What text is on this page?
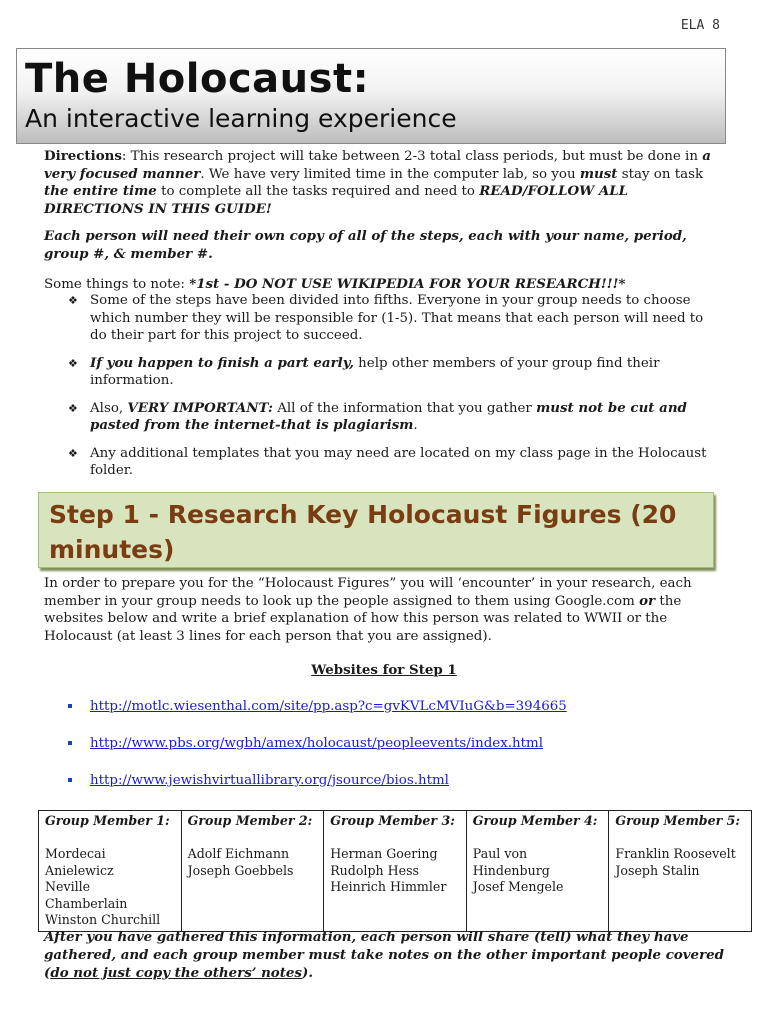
ELA 8
The Holocaust:
An interactive learning experience

Directions: This research project will take between 2-3 total class periods, but must be done in a very focused manner. We have very limited time in the computer lab, so you must stay on task the entire time to complete all the tasks required and need to READ/FOLLOW ALL DIRECTIONS IN THIS GUIDE!

Each person will need their own copy of all of the steps, each with your name, period, group #, & member #.

Some things to note: *1st - DO NOT USE WIKIPEDIA FOR YOUR RESEARCH!!!*
❖ Some of the steps have been divided into fifths. Everyone in your group needs to choose which number they will be responsible for (1-5). That means that each person will need to do their part for this project to succeed.
❖ If you happen to finish a part early, help other members of your group find their information.
❖ Also, VERY IMPORTANT: All of the information that you gather must not be cut and pasted from the internet-that is plagiarism.
❖ Any additional templates that you may need are located on my class page in the Holocaust folder.
Step 1 - Research Key Holocaust Figures (20 minutes)
In order to prepare you for the “Holocaust Figures” you will ‘encounter’ in your research, each member in your group needs to look up the people assigned to them using Google.com or the websites below and write a brief explanation of how this person was related to WWII or the Holocaust (at least 3 lines for each person that you are assigned).
Websites for Step 1
http://motlc.wiesenthal.com/site/pp.asp?c=gvKVLcMVIuG&b=394665
http://www.pbs.org/wgbh/amex/holocaust/peopleevents/index.html
http://www.jewishvirtuallibrary.org/jsource/bios.html
Group Member 1:
Mordecai Anielewicz
Neville Chamberlain
Winston Churchill

Group Member 2:
Adolf Eichmann
Joseph Goebbels

Group Member 3:
Herman Goering
Rudolph Hess
Heinrich Himmler

Group Member 4:
Paul von Hindenburg
Josef Mengele

Group Member 5:
Franklin Roosevelt
Joseph Stalin
After you have gathered this information, each person will share (tell) what they have gathered, and each group member must take notes on the other important people covered (do not just copy the others’ notes).
